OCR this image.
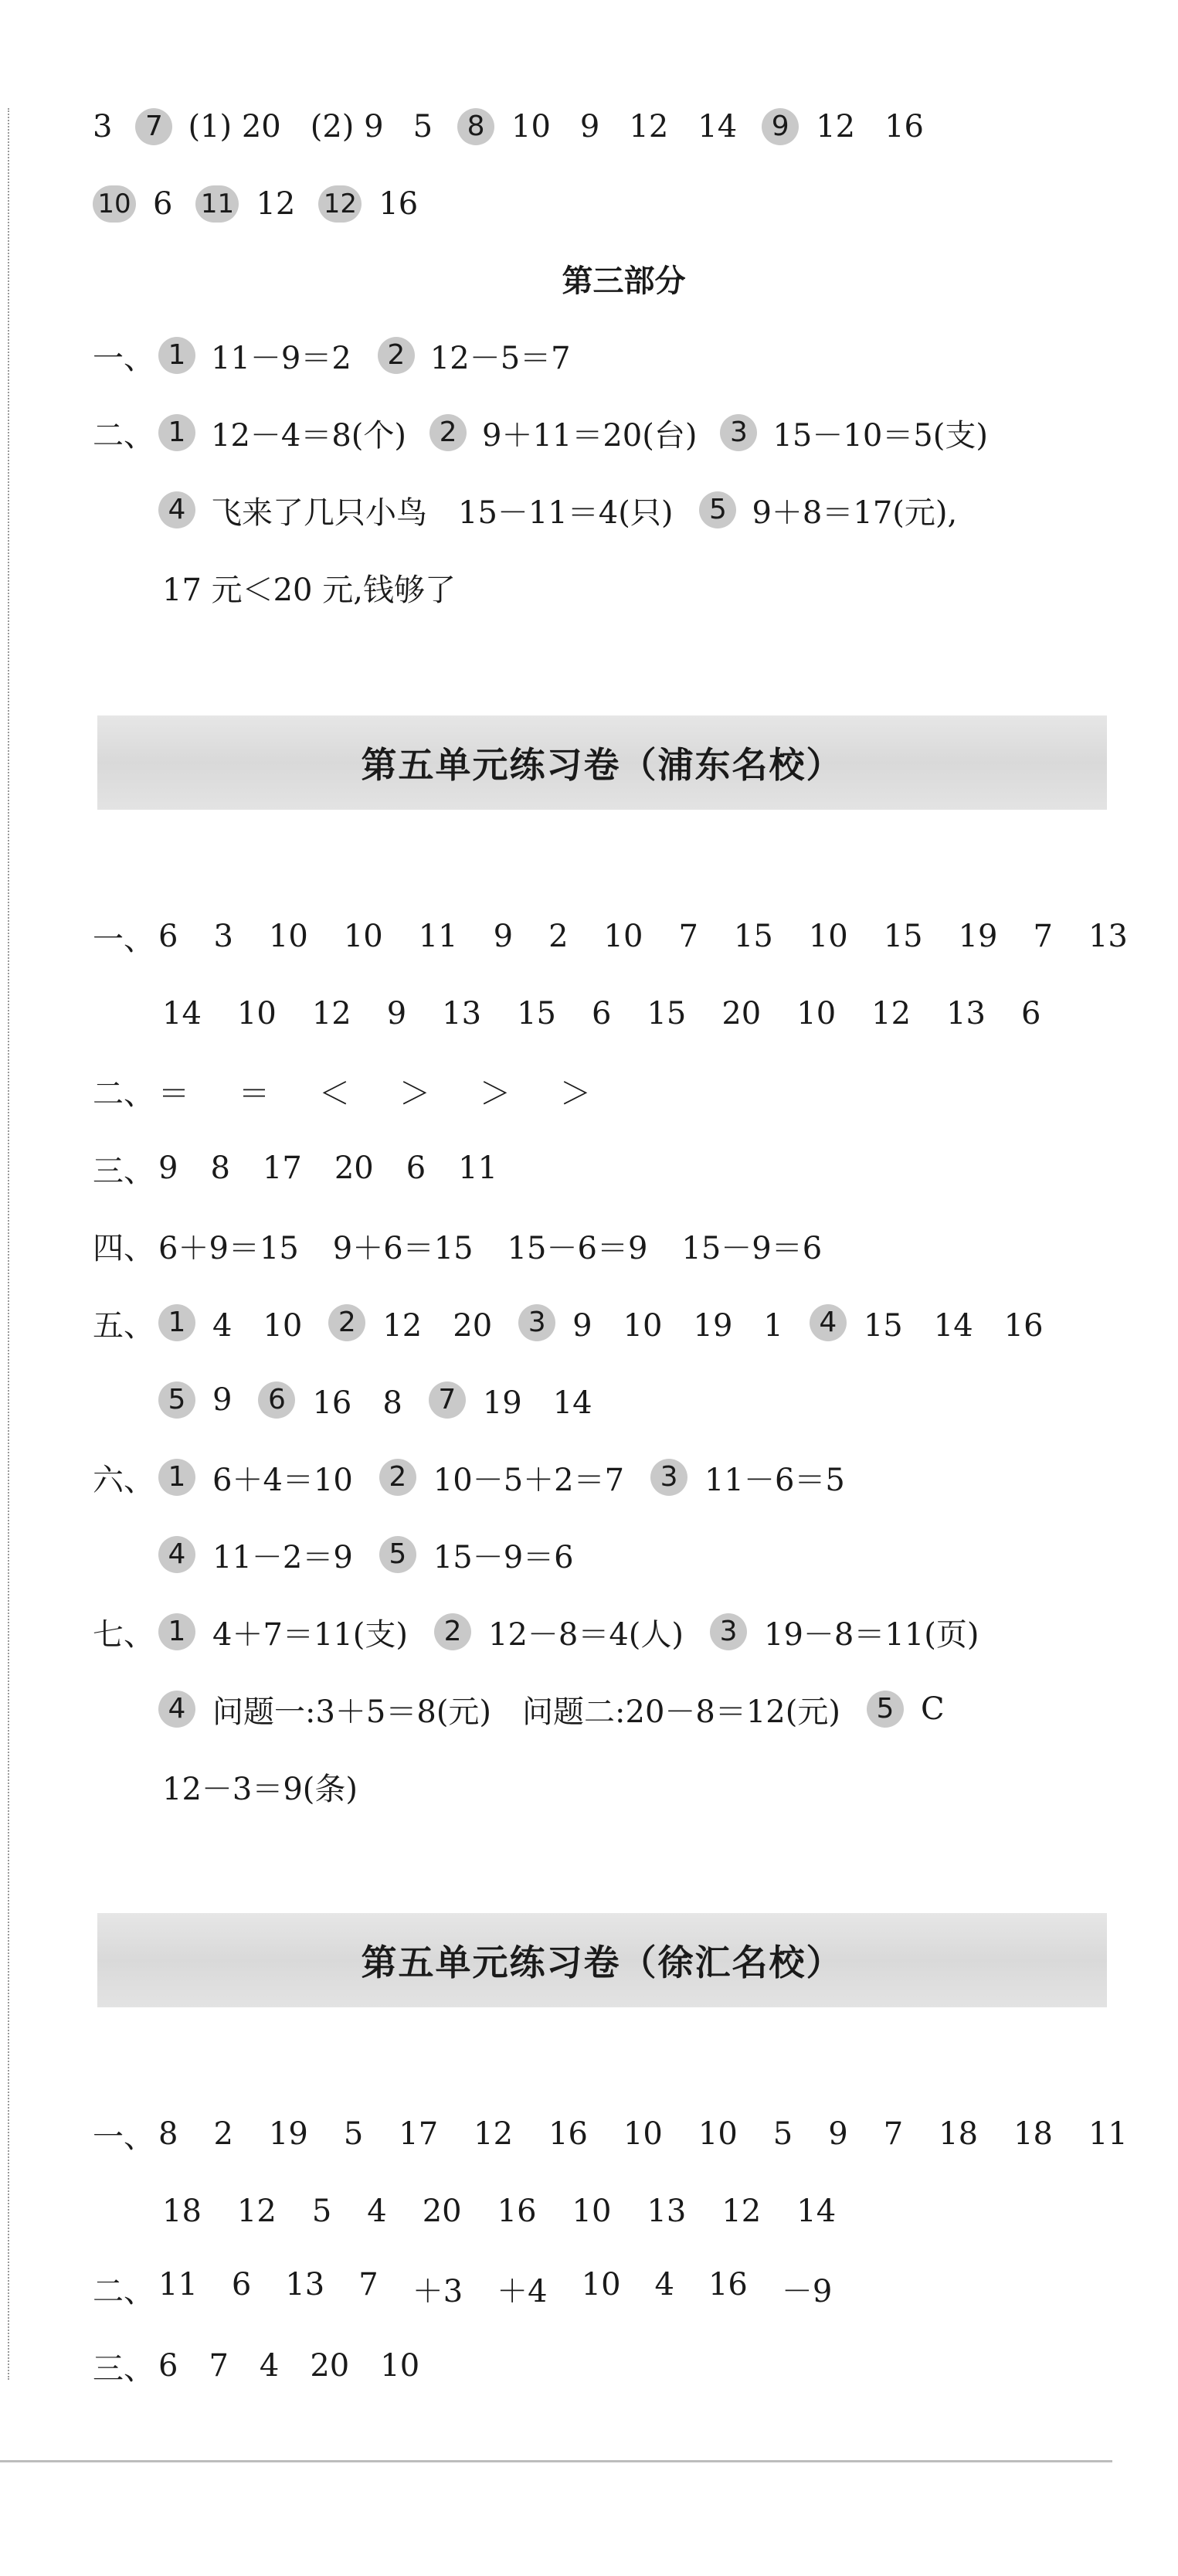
3	7 (1) 20 (2) 9 5	8 10 9 12 14	9 12 16
10 6 11 12 12 16
第三部分
一、 1 11－9＝2	2 12－5＝7
二、 1 12－4＝8(个)	2 9＋11＝20(台)	3 15－10＝5(支)
4 飞来了几只小鸟　15－11＝4(只)	5 9＋8＝17(元),
17 元＜20 元,钱够了
第五单元练习卷（浦东名校）
一、 6 3 10 10 11 9 2 10 7 15 10 15 19 7 13
14 10 12 9 13 15 6 15 20 10 12 13 6
二、 ＝ ＝ ＜ ＞ ＞ ＞
三、 9 8 17 20 6 11
四、 6＋9＝15 9＋6＝15 15－6＝9 15－9＝6
五、 1 4　10	2 12　20	3 9　10　19　1	4 15　14　16
5 9	6 16　8	7 19　14
六、 1 6＋4＝10	2 10－5＋2＝7	3 11－6＝5
4 11－2＝9	5 15－9＝6
七、 1 4＋7＝11(支)	2 12－8＝4(人)	3 19－8＝11(页)
4 问题一:3＋5＝8(元)　问题二:20－8＝12(元)	5 C
12－3＝9(条)
第五单元练习卷（徐汇名校）
一、 8 2 19 5 17 12 16 10 10 5 9 7 18 18 11
18 12 5 4 20 16 10 13 12 14
二、 11 6 13 7 ＋3 ＋4 10 4 16 －9
三、 6 7 4 20 10
